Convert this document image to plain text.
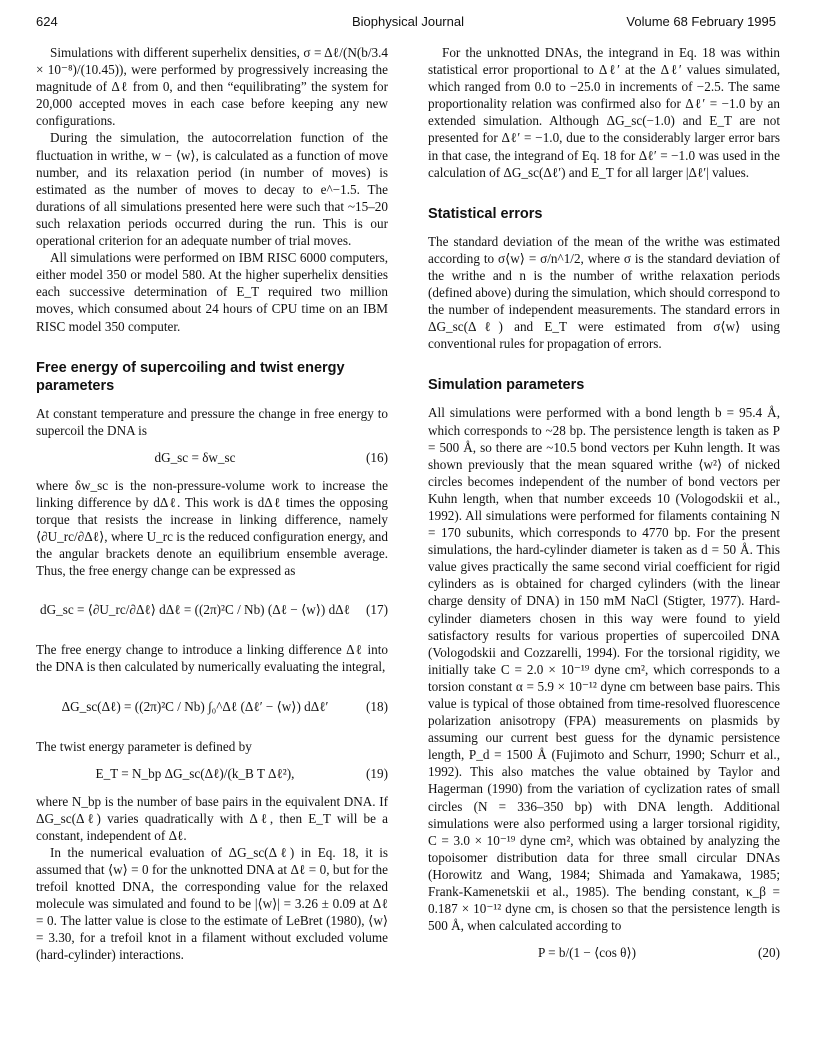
624	Biophysical Journal	Volume 68 February 1995

Simulations with different superhelix densities, σ = Δℓ/(N(b/3.4 × 10⁻⁸)/(10.45)), were performed by progressively increasing the magnitude of Δℓ from 0, and then “equilibrating” the system for 20,000 accepted moves in each case before keeping any new configurations.

During the simulation, the autocorrelation function of the fluctuation in writhe, w − ⟨w⟩, is calculated as a function of move number, and its relaxation period (in number of moves) is estimated as the number of moves to decay to e^−1.5. The durations of all simulations presented here were such that ~15–20 such relaxation periods occurred during the run. This is our operational criterion for an adequate number of trial moves.

All simulations were performed on IBM RISC 6000 computers, either model 350 or model 580. At the higher superhelix densities each successive determination of E_T required two million moves, which consumed about 24 hours of CPU time on an IBM RISC model 350 computer.

Free energy of supercoiling and twist energy parameters

At constant temperature and pressure the change in free energy to supercoil the DNA is

dG_sc = δw_sc	(16)

where δw_sc is the non-pressure-volume work to increase the linking difference by dΔℓ. This work is dΔℓ times the opposing torque that resists the increase in linking difference, namely ⟨∂U_rc/∂Δℓ⟩, where U_rc is the reduced configuration energy, and the angular brackets denote an equilibrium ensemble average. Thus, the free energy change can be expressed as

dG_sc = ⟨∂U_rc/∂Δℓ⟩ dΔℓ = ((2π)²C / Nb) (Δℓ − ⟨w⟩) dΔℓ	(17)

The free energy change to introduce a linking difference Δℓ into the DNA is then calculated by numerically evaluating the integral,

ΔG_sc(Δℓ) = ((2π)²C / Nb) ∫₀^Δℓ (Δℓ′ − ⟨w⟩) dΔℓ′	(18)

The twist energy parameter is defined by

E_T = N_bp ΔG_sc(Δℓ)/(k_B T Δℓ²),	(19)

where N_bp is the number of base pairs in the equivalent DNA. If ΔG_sc(Δℓ) varies quadratically with Δℓ, then E_T will be a constant, independent of Δℓ.

In the numerical evaluation of ΔG_sc(Δℓ) in Eq. 18, it is assumed that ⟨w⟩ = 0 for the unknotted DNA at Δℓ = 0, but for the trefoil knotted DNA, the corresponding value for the relaxed molecule was simulated and found to be |⟨w⟩| = 3.26 ± 0.09 at Δℓ = 0. The latter value is close to the estimate of LeBret (1980), ⟨w⟩ = 3.30, for a trefoil knot in a filament without excluded volume (hard-cylinder) interactions.

For the unknotted DNAs, the integrand in Eq. 18 was within statistical error proportional to Δℓ′ at the Δℓ′ values simulated, which ranged from 0.0 to −25.0 in increments of −2.5. The same proportionality relation was confirmed also for Δℓ′ = −1.0 by an extended simulation. Although ΔG_sc(−1.0) and E_T are not presented for Δℓ′ = −1.0, due to the considerably larger error bars in that case, the integrand of Eq. 18 for Δℓ′ = −1.0 was used in the calculation of ΔG_sc(Δℓ′) and E_T for all larger |Δℓ′| values.

Statistical errors

The standard deviation of the mean of the writhe was estimated according to σ⟨w⟩ = σ/n^1/2, where σ is the standard deviation of the writhe and n is the number of writhe relaxation periods (defined above) during the simulation, which should correspond to the number of independent measurements. The standard errors in ΔG_sc(Δℓ) and E_T were estimated from σ⟨w⟩ using conventional rules for propagation of errors.

Simulation parameters

All simulations were performed with a bond length b = 95.4 Å, which corresponds to ~28 bp. The persistence length is taken as P = 500 Å, so there are ~10.5 bond vectors per Kuhn length. It was shown previously that the mean squared writhe ⟨w²⟩ of nicked circles becomes independent of the number of bond vectors per Kuhn length, when that number exceeds 10 (Vologodskii et al., 1992). All simulations were performed for filaments containing N = 170 subunits, which corresponds to 4770 bp. For the present simulations, the hard-cylinder diameter is taken as d = 50 Å. This value gives practically the same second virial coefficient for rigid cylinders as is obtained for charged cylinders (with the linear charge density of DNA) in 150 mM NaCl (Stigter, 1977). Hard-cylinder diameters chosen in this way were found to yield satisfactory results for various properties of supercoiled DNA (Vologodskii and Cozzarelli, 1994). For the torsional rigidity, we initially take C = 2.0 × 10⁻¹⁹ dyne cm², which corresponds to a torsion constant α = 5.9 × 10⁻¹² dyne cm between base pairs. This value is typical of those obtained from time-resolved fluorescence polarization anisotropy (FPA) measurements on plasmids by assuming our current best guess for the dynamic persistence length, P_d = 1500 Å (Fujimoto and Schurr, 1990; Schurr et al., 1992). This also matches the value obtained by Taylor and Hagerman (1990) from the variation of cyclization rates of small circles (N = 336–350 bp) with DNA length. Additional simulations were also performed using a larger torsional rigidity, C = 3.0 × 10⁻¹⁹ dyne cm², which was obtained by analyzing the topoisomer distribution data for three small circular DNAs (Horowitz and Wang, 1984; Shimada and Yamakawa, 1985; Frank-Kamenetskii et al., 1985). The bending constant, κ_β = 0.187 × 10⁻¹² dyne cm, is chosen so that the persistence length is 500 Å, when calculated according to

P = b/(1 − ⟨cos θ⟩)	(20)
